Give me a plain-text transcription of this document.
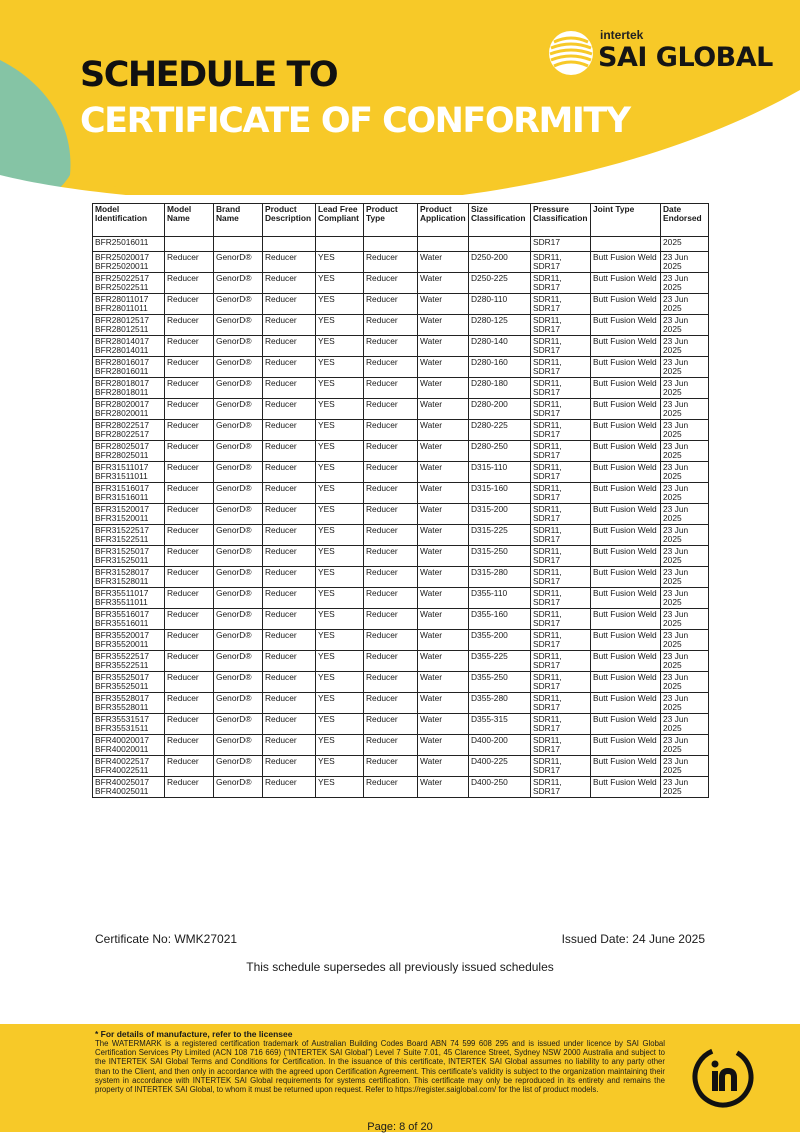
SCHEDULE TO
CERTIFICATE OF CONFORMITY
intertek
SAI GLOBAL
Model Identification	Model Name	Brand Name	Product Description	Lead Free Compliant	Product Type	Product Application	Size Classification	Pressure Classification	Joint Type	Date Endorsed
BFR25016011								SDR17		2025
BFR25020017 BFR25020011	Reducer	GenorD®	Reducer	YES	Reducer	Water	D250-200	SDR11, SDR17	Butt Fusion Weld	23 Jun 2025
BFR25022517 BFR25022511	Reducer	GenorD®	Reducer	YES	Reducer	Water	D250-225	SDR11, SDR17	Butt Fusion Weld	23 Jun 2025
BFR28011017 BFR28011011	Reducer	GenorD®	Reducer	YES	Reducer	Water	D280-110	SDR11, SDR17	Butt Fusion Weld	23 Jun 2025
BFR28012517 BFR28012511	Reducer	GenorD®	Reducer	YES	Reducer	Water	D280-125	SDR11, SDR17	Butt Fusion Weld	23 Jun 2025
BFR28014017 BFR28014011	Reducer	GenorD®	Reducer	YES	Reducer	Water	D280-140	SDR11, SDR17	Butt Fusion Weld	23 Jun 2025
BFR28016017 BFR28016011	Reducer	GenorD®	Reducer	YES	Reducer	Water	D280-160	SDR11, SDR17	Butt Fusion Weld	23 Jun 2025
BFR28018017 BFR28018011	Reducer	GenorD®	Reducer	YES	Reducer	Water	D280-180	SDR11, SDR17	Butt Fusion Weld	23 Jun 2025
BFR28020017 BFR28020011	Reducer	GenorD®	Reducer	YES	Reducer	Water	D280-200	SDR11, SDR17	Butt Fusion Weld	23 Jun 2025
BFR28022517 BFR28022517	Reducer	GenorD®	Reducer	YES	Reducer	Water	D280-225	SDR11, SDR17	Butt Fusion Weld	23 Jun 2025
BFR28025017 BFR28025011	Reducer	GenorD®	Reducer	YES	Reducer	Water	D280-250	SDR11, SDR17	Butt Fusion Weld	23 Jun 2025
BFR31511017 BFR31511011	Reducer	GenorD®	Reducer	YES	Reducer	Water	D315-110	SDR11, SDR17	Butt Fusion Weld	23 Jun 2025
BFR31516017 BFR31516011	Reducer	GenorD®	Reducer	YES	Reducer	Water	D315-160	SDR11, SDR17	Butt Fusion Weld	23 Jun 2025
BFR31520017 BFR31520011	Reducer	GenorD®	Reducer	YES	Reducer	Water	D315-200	SDR11, SDR17	Butt Fusion Weld	23 Jun 2025
BFR31522517 BFR31522511	Reducer	GenorD®	Reducer	YES	Reducer	Water	D315-225	SDR11, SDR17	Butt Fusion Weld	23 Jun 2025
BFR31525017 BFR31525011	Reducer	GenorD®	Reducer	YES	Reducer	Water	D315-250	SDR11, SDR17	Butt Fusion Weld	23 Jun 2025
BFR31528017 BFR31528011	Reducer	GenorD®	Reducer	YES	Reducer	Water	D315-280	SDR11, SDR17	Butt Fusion Weld	23 Jun 2025
BFR35511017 BFR35511011	Reducer	GenorD®	Reducer	YES	Reducer	Water	D355-110	SDR11, SDR17	Butt Fusion Weld	23 Jun 2025
BFR35516017 BFR35516011	Reducer	GenorD®	Reducer	YES	Reducer	Water	D355-160	SDR11, SDR17	Butt Fusion Weld	23 Jun 2025
BFR35520017 BFR35520011	Reducer	GenorD®	Reducer	YES	Reducer	Water	D355-200	SDR11, SDR17	Butt Fusion Weld	23 Jun 2025
BFR35522517 BFR35522511	Reducer	GenorD®	Reducer	YES	Reducer	Water	D355-225	SDR11, SDR17	Butt Fusion Weld	23 Jun 2025
BFR35525017 BFR35525011	Reducer	GenorD®	Reducer	YES	Reducer	Water	D355-250	SDR11, SDR17	Butt Fusion Weld	23 Jun 2025
BFR35528017 BFR35528011	Reducer	GenorD®	Reducer	YES	Reducer	Water	D355-280	SDR11, SDR17	Butt Fusion Weld	23 Jun 2025
BFR35531517 BFR35531511	Reducer	GenorD®	Reducer	YES	Reducer	Water	D355-315	SDR11, SDR17	Butt Fusion Weld	23 Jun 2025
BFR40020017 BFR40020011	Reducer	GenorD®	Reducer	YES	Reducer	Water	D400-200	SDR11, SDR17	Butt Fusion Weld	23 Jun 2025
BFR40022517 BFR40022511	Reducer	GenorD®	Reducer	YES	Reducer	Water	D400-225	SDR11, SDR17	Butt Fusion Weld	23 Jun 2025
BFR40025017 BFR40025011	Reducer	GenorD®	Reducer	YES	Reducer	Water	D400-250	SDR11, SDR17	Butt Fusion Weld	23 Jun 2025
Certificate No: WMK27021	Issued Date: 24 June 2025
This schedule supersedes all previously issued schedules
* For details of manufacture, refer to the licensee
The WATERMARK is a registered certification trademark of Australian Building Codes Board ABN 74 599 608 295 and is issued under licence by SAI Global Certification Services Pty Limited (ACN 108 716 669) (“INTERTEK SAI Global”) Level 7 Suite 7.01, 45 Clarence Street, Sydney NSW 2000 Australia and subject to the INTERTEK SAI Global Terms and Conditions for Certification. In the issuance of this certificate, INTERTEK SAI Global assumes no liability to any party other than to the Client, and then only in accordance with the agreed upon Certification Agreement. This certificate's validity is subject to the organization maintaining their system in accordance with INTERTEK SAI Global requirements for systems certification. This certificate may only be reproduced in its entirety and remains the property of INTERTEK SAI Global, to whom it must be returned upon request. Refer to https://register.saiglobal.com/ for the list of product models.
Page: 8 of 20
